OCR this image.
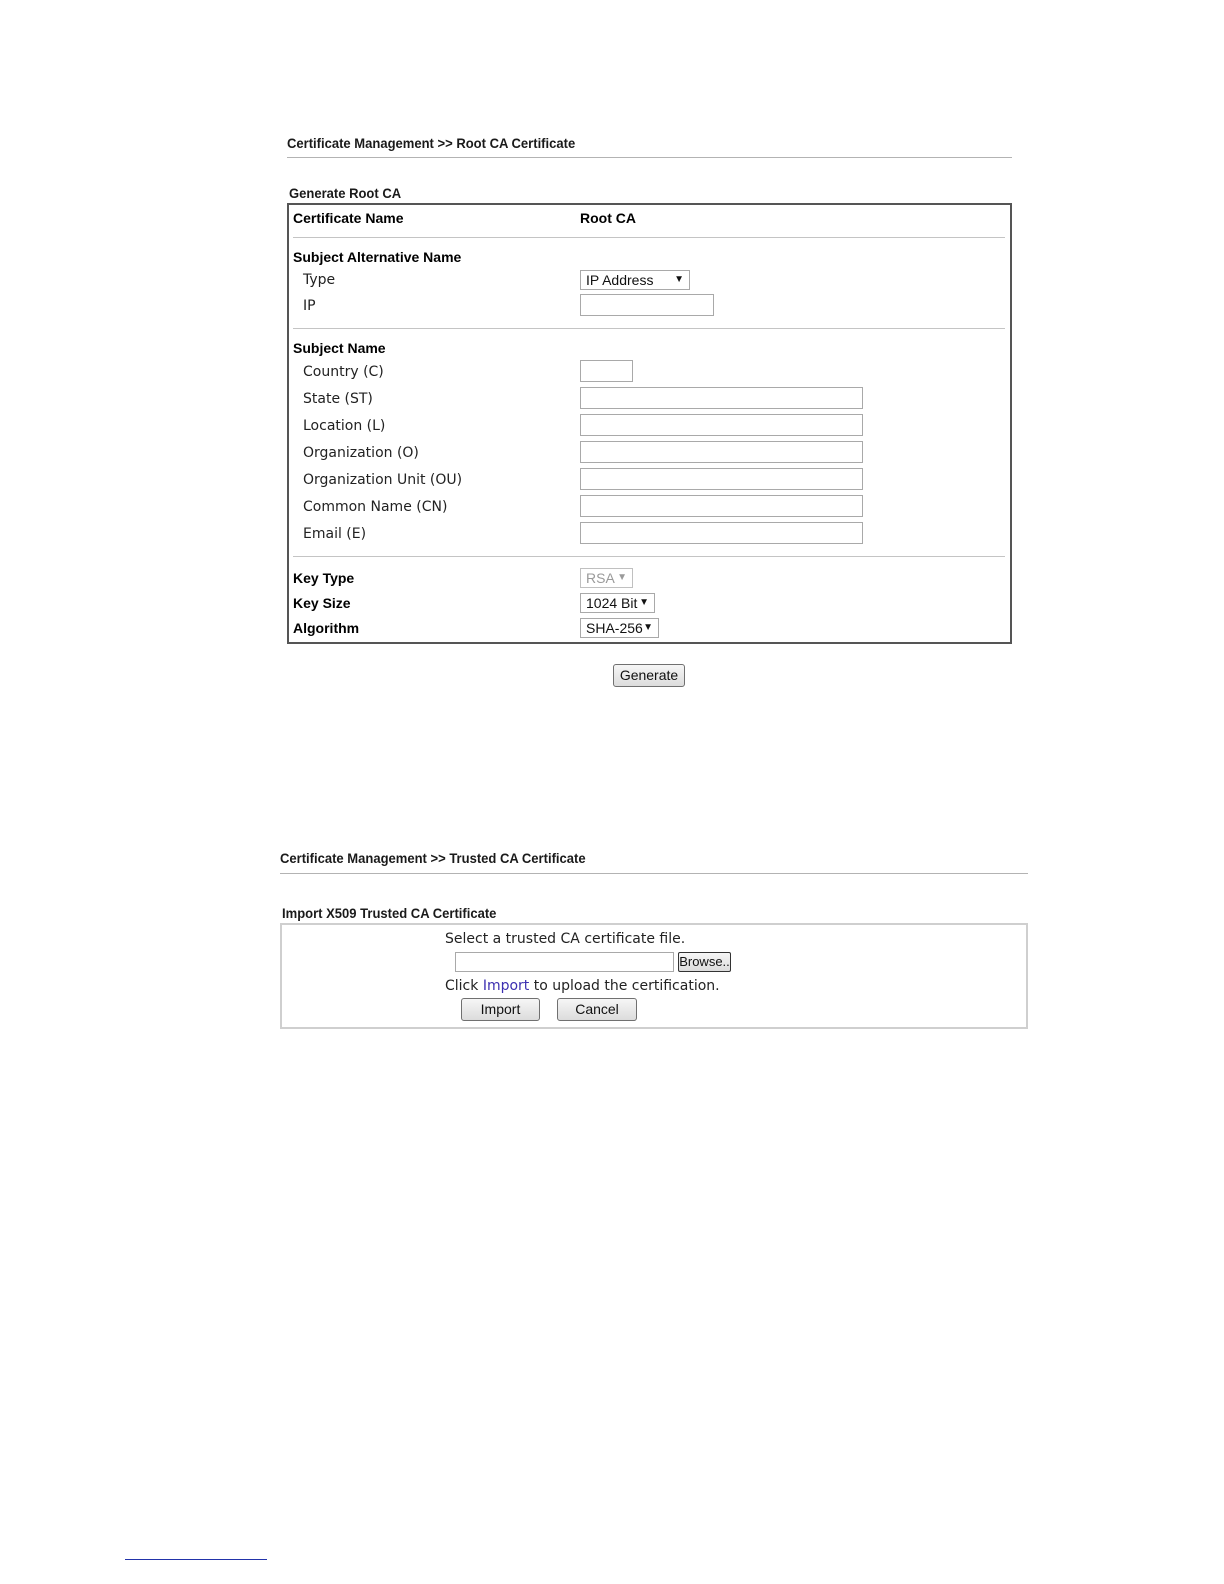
Certificate Management >> Root CA Certificate
Generate Root CA
Certificate Name	Root CA
Subject Alternative Name
Type	IP Address ▼
IP
Subject Name
Country (C)
State (ST)
Location (L)
Organization (O)
Organization Unit (OU)
Common Name (CN)
Email (E)
Key Type	RSA ▼
Key Size	1024 Bit ▼
Algorithm	SHA-256 ▼
Generate
Certificate Management >> Trusted CA Certificate
Import X509 Trusted CA Certificate
Select a trusted CA certificate file.
Browse..
Click Import to upload the certification.
Import	Cancel
